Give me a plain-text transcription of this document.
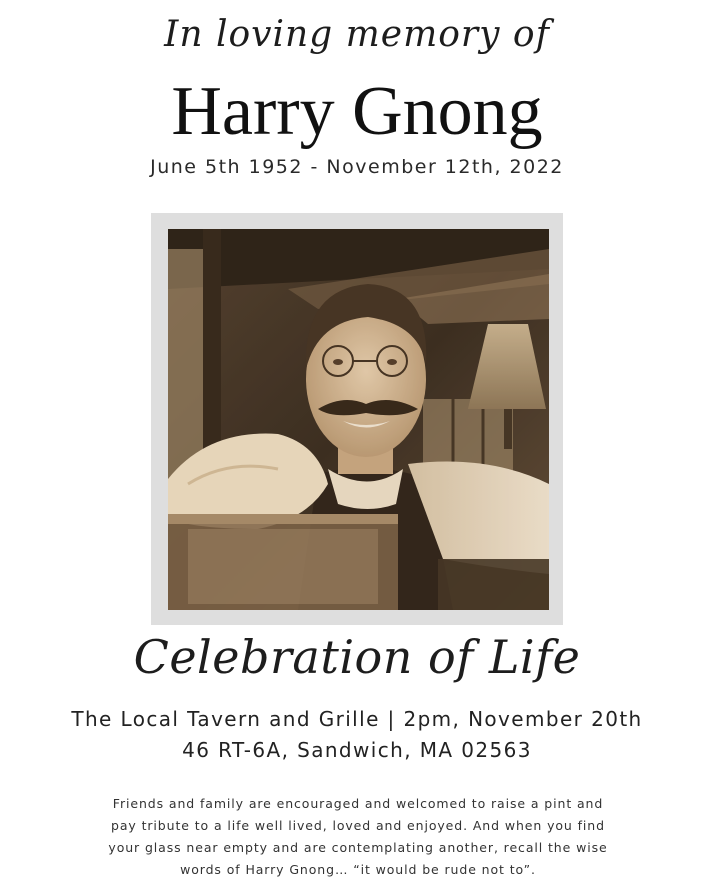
In loving memory of
Harry Gnong
June 5th 1952 - November 12th, 2022
Celebration of Life
The Local Tavern and Grille | 2pm, November 20th
46 RT-6A, Sandwich, MA 02563
Friends and family are encouraged and welcomed to raise a pint and
pay tribute to a life well lived, loved and enjoyed. And when you find
your glass near empty and are contemplating another, recall the wise
words of Harry Gnong… “it would be rude not to”.
